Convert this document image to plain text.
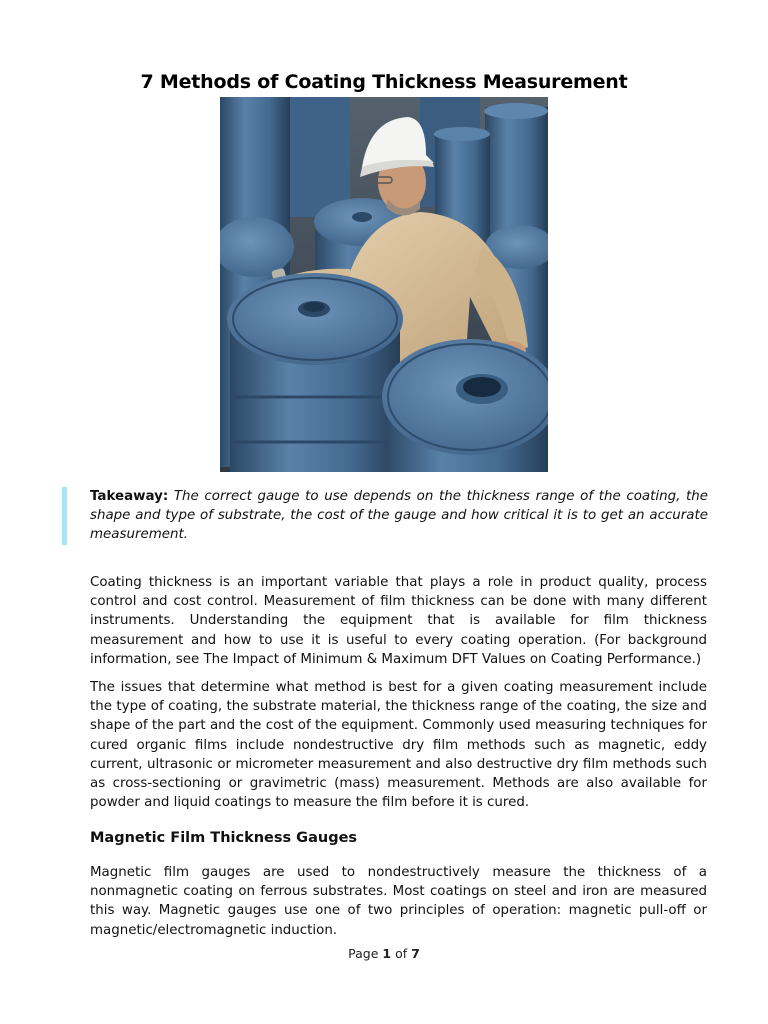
7 Methods of Coating Thickness Measurement
Takeaway: The correct gauge to use depends on the thickness range of the coating, the shape and type of substrate, the cost of the gauge and how critical it is to get an accurate measurement.

Coating thickness is an important variable that plays a role in product quality, process control and cost control. Measurement of film thickness can be done with many different instruments. Understanding the equipment that is available for film thickness measurement and how to use it is useful to every coating operation. (For background information, see The Impact of Minimum & Maximum DFT Values on Coating Performance.)

The issues that determine what method is best for a given coating measurement include the type of coating, the substrate material, the thickness range of the coating, the size and shape of the part and the cost of the equipment. Commonly used measuring techniques for cured organic films include nondestructive dry film methods such as magnetic, eddy current, ultrasonic or micrometer measurement and also destructive dry film methods such as cross-sectioning or gravimetric (mass) measurement. Methods are also available for powder and liquid coatings to measure the film before it is cured.

Magnetic Film Thickness Gauges

Magnetic film gauges are used to nondestructively measure the thickness of a nonmagnetic coating on ferrous substrates. Most coatings on steel and iron are measured this way. Magnetic gauges use one of two principles of operation: magnetic pull-off or magnetic/electromagnetic induction.

Page 1 of 7
